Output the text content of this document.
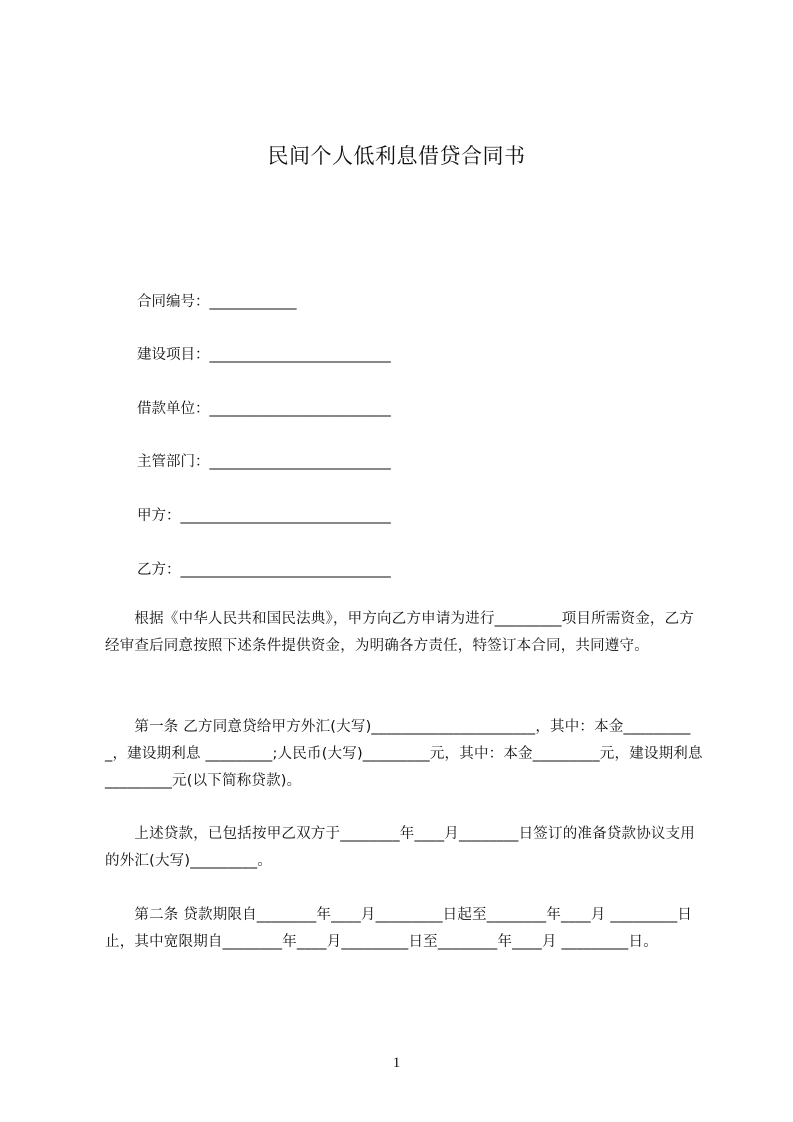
民间个人低利息借贷合同书
合同编号：____________
建设项目：_________________________
借款单位：_________________________
主管部门：_________________________
甲方：_____________________________
乙方：_____________________________

　　根据《中华人民共和国民法典》，甲方向乙方申请为进行_________项目所需资金，乙方经审查后同意按照下述条件提供资金，为明确各方责任，特签订本合同，共同遵守。

　　第一条 乙方同意贷给甲方外汇(大写)______________________，其中：本金__________，建设期利息 _________;人民币(大写)_________元，其中：本金_________元，建设期利息_________元(以下简称贷款)。

　　上述贷款，已包括按甲乙双方于________年____月________日签订的准备贷款协议支用的外汇(大写)_________。

　　第二条 贷款期限自________年____月_________日起至________年____月 _________日止，其中宽限期自________年____月_________日至________年____月 _________日。

1
